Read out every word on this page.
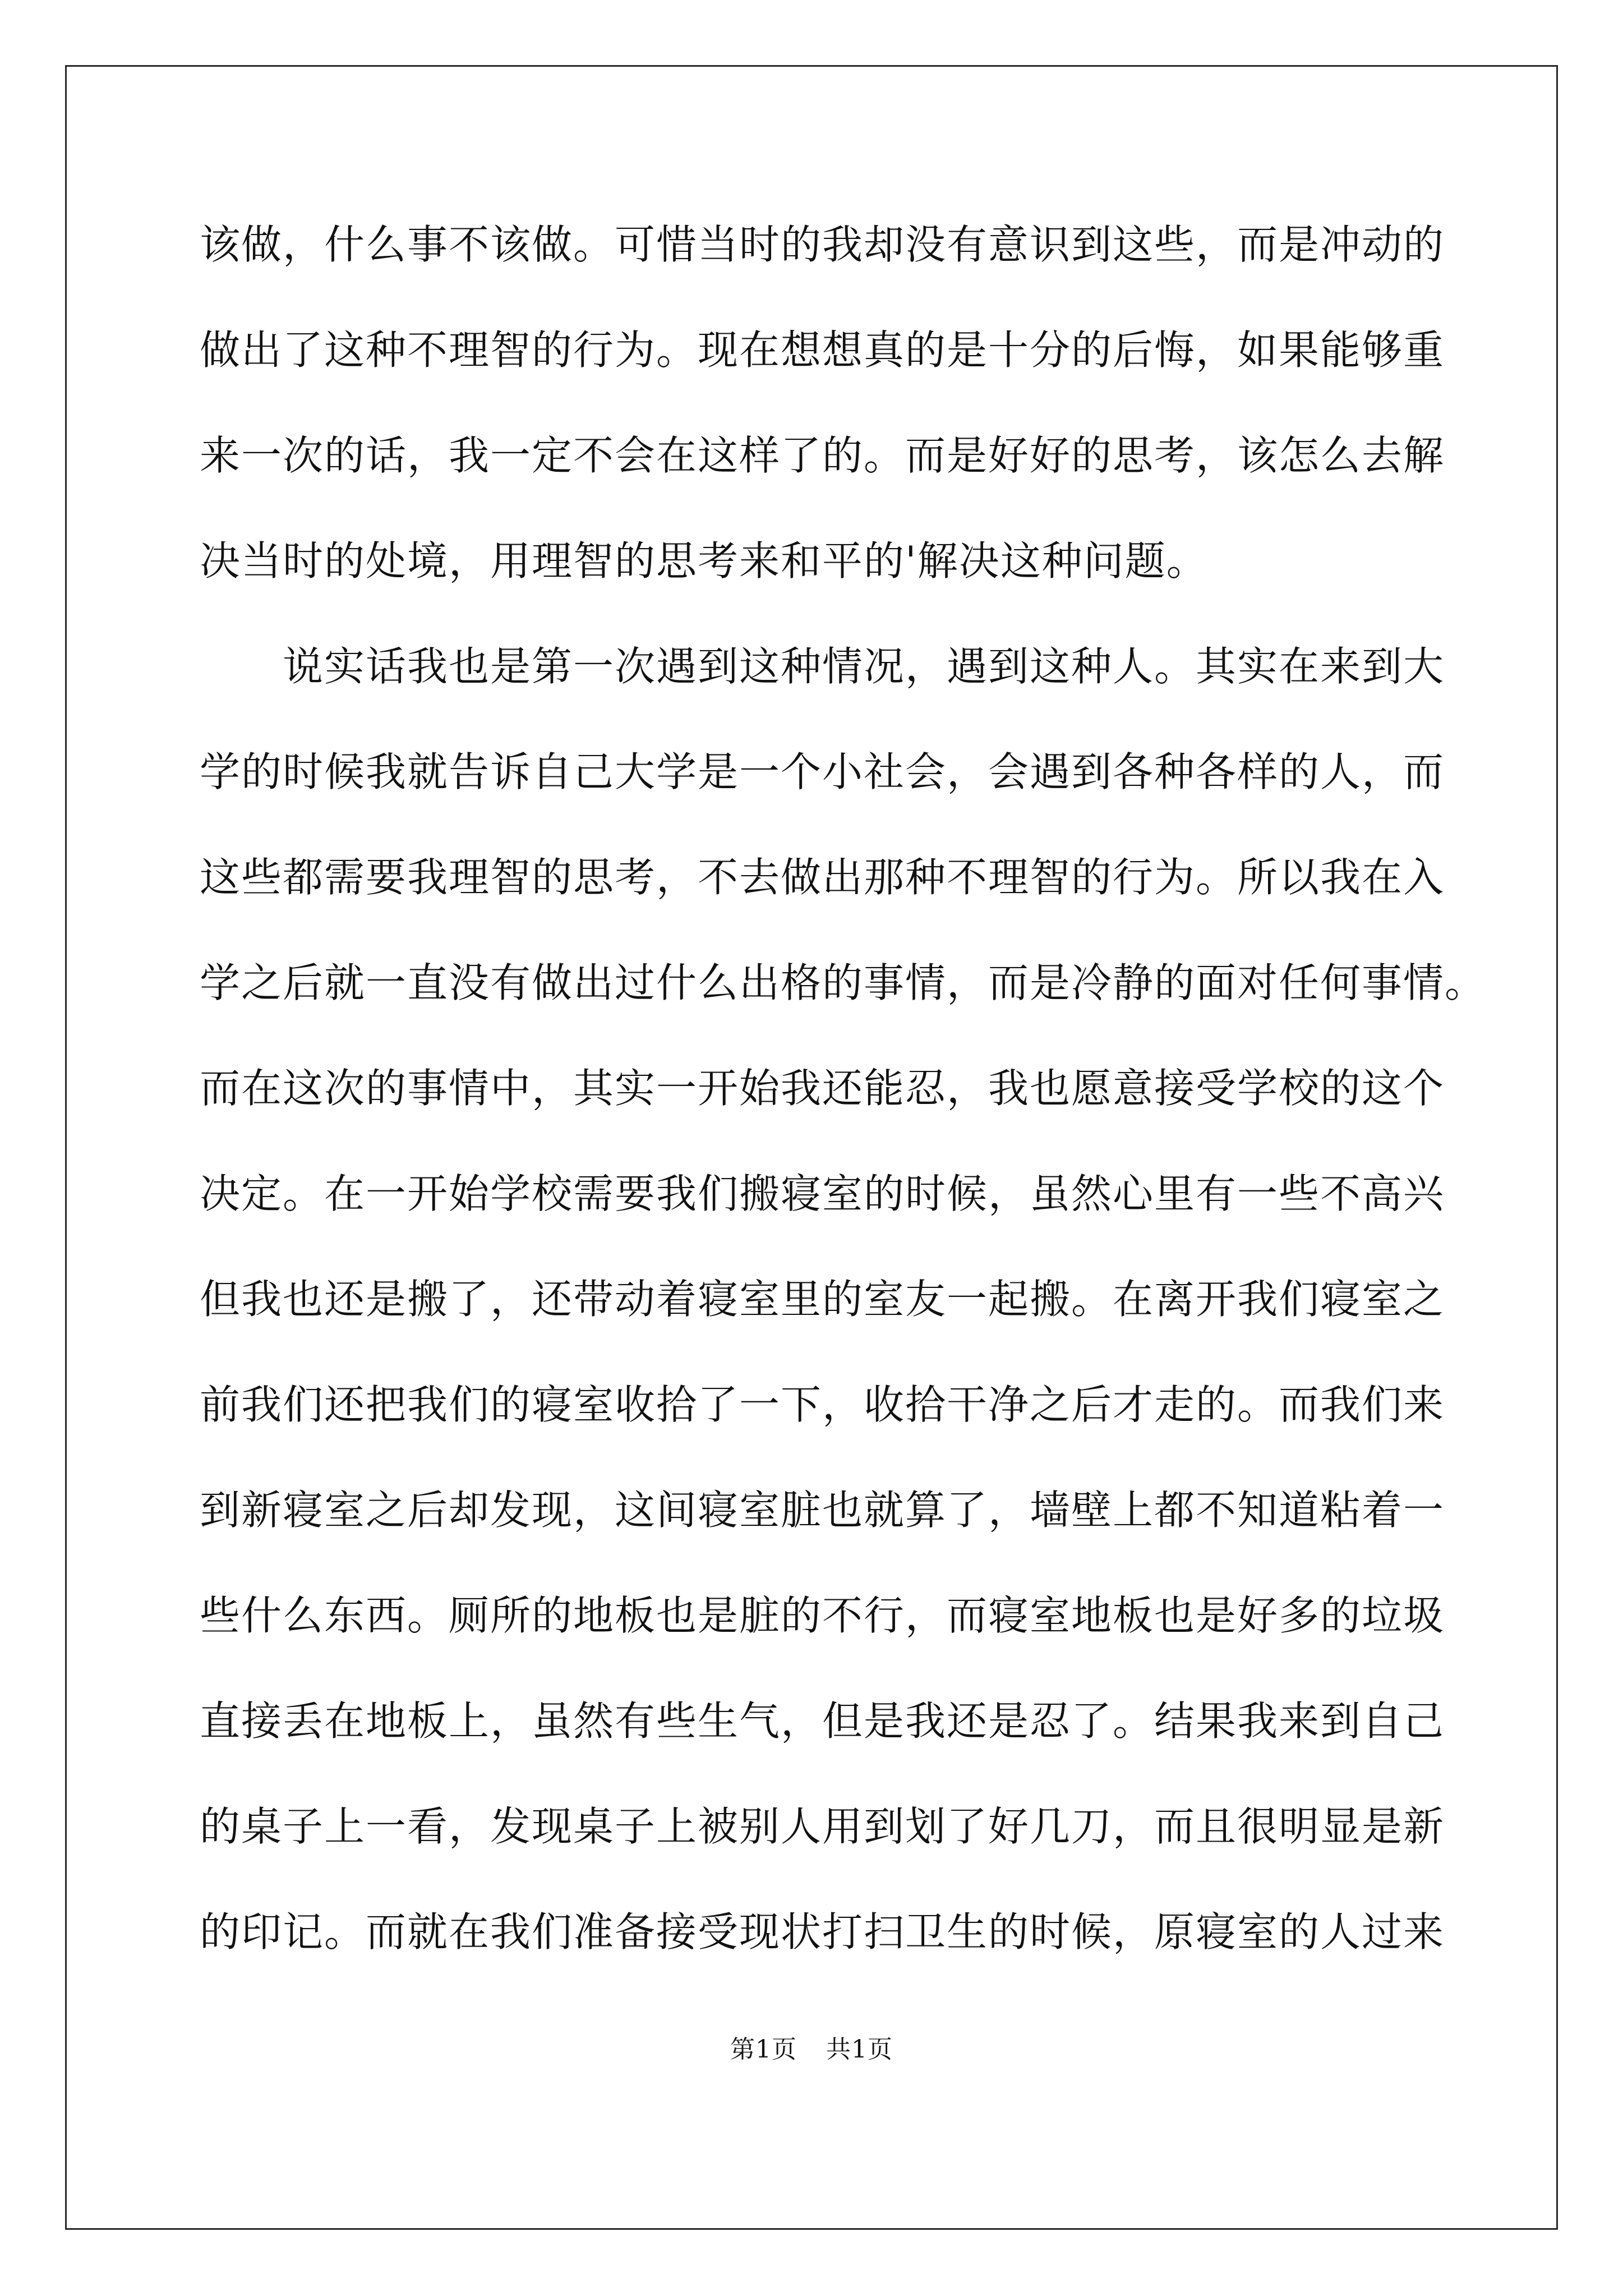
该做，什么事不该做。可惜当时的我却没有意识到这些，而是冲动的
做出了这种不理智的行为。现在想想真的是十分的后悔，如果能够重
来一次的话，我一定不会在这样了的。而是好好的思考，该怎么去解
决当时的处境，用理智的思考来和平的'解决这种问题。
说实话我也是第一次遇到这种情况，遇到这种人。其实在来到大
学的时候我就告诉自己大学是一个小社会，会遇到各种各样的人，而
这些都需要我理智的思考，不去做出那种不理智的行为。所以我在入
学之后就一直没有做出过什么出格的事情，而是冷静的面对任何事情。
而在这次的事情中，其实一开始我还能忍，我也愿意接受学校的这个
决定。在一开始学校需要我们搬寝室的时候，虽然心里有一些不高兴
但我也还是搬了，还带动着寝室里的室友一起搬。在离开我们寝室之
前我们还把我们的寝室收拾了一下，收拾干净之后才走的。而我们来
到新寝室之后却发现，这间寝室脏也就算了，墙壁上都不知道粘着一
些什么东西。厕所的地板也是脏的不行，而寝室地板也是好多的垃圾
直接丢在地板上，虽然有些生气，但是我还是忍了。结果我来到自己
的桌子上一看，发现桌子上被别人用到划了好几刀，而且很明显是新
的印记。而就在我们准备接受现状打扫卫生的时候，原寝室的人过来
第1页 共1页
